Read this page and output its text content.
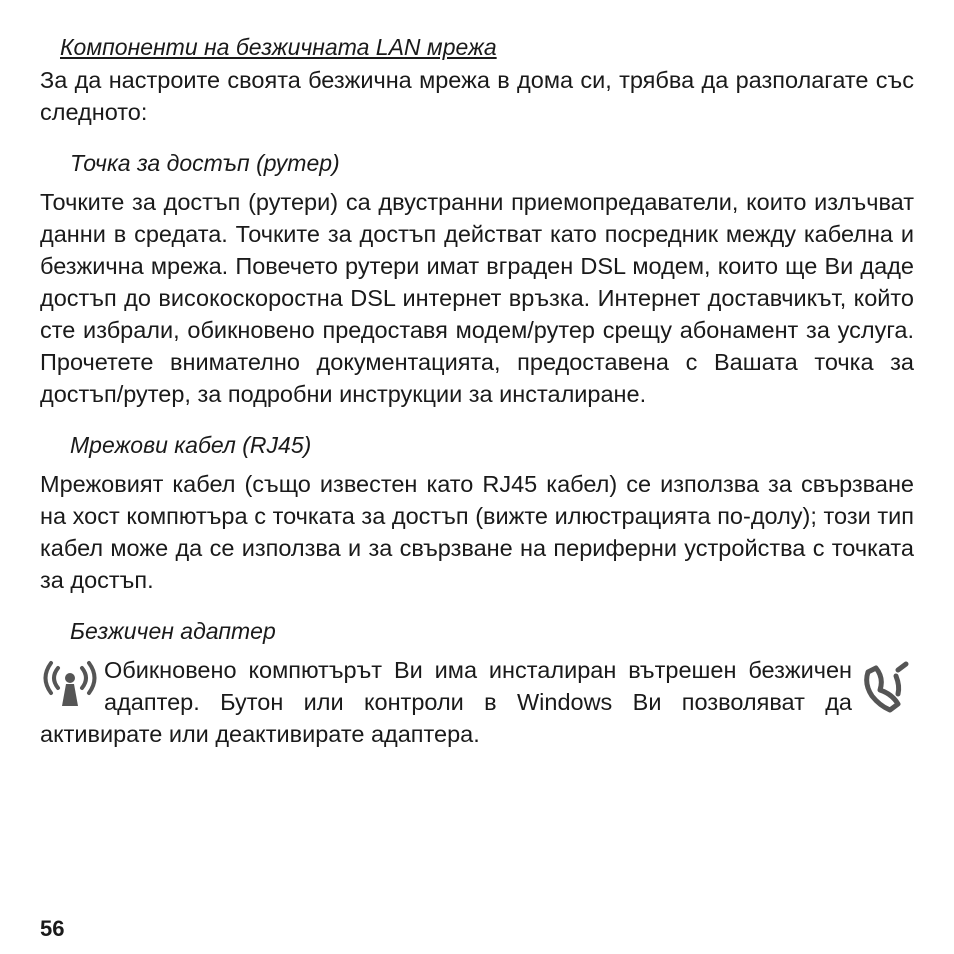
Компоненти на безжичната LAN мрежа

За да настроите своята безжична мрежа в дома си, трябва да разполагате със следното:

Точка за достъп (рутер)

Точките за достъп (рутери) са двустранни приемопредаватели, които излъчват данни в средата. Точките за достъп действат като посредник между кабелна и безжична мрежа. Повечето рутери имат вграден DSL модем, които ще Ви даде достъп до високоскоростна DSL интернет връзка. Интернет доставчикът, който сте избрали, обикновено предоставя модем/рутер срещу абонамент за услуга. Прочетете внимателно документацията, предоставена с Вашата точка за достъп/рутер, за подробни инструкции за инсталиране.

Мрежови кабел (RJ45)

Мрежовият кабел (също известен като RJ45 кабел) се използва за свързване на хост компютъра с точката за достъп (вижте илюстрацията по-долу); този тип кабел може да се използва и за свързване на периферни устройства с точката за достъп.

Безжичен адаптер
Обикновено компютърът Ви има инсталиран вътрешен безжичен адаптер. Бутон или контроли в Windows Ви позволяват да активирате или деактивирате адаптера.
56
